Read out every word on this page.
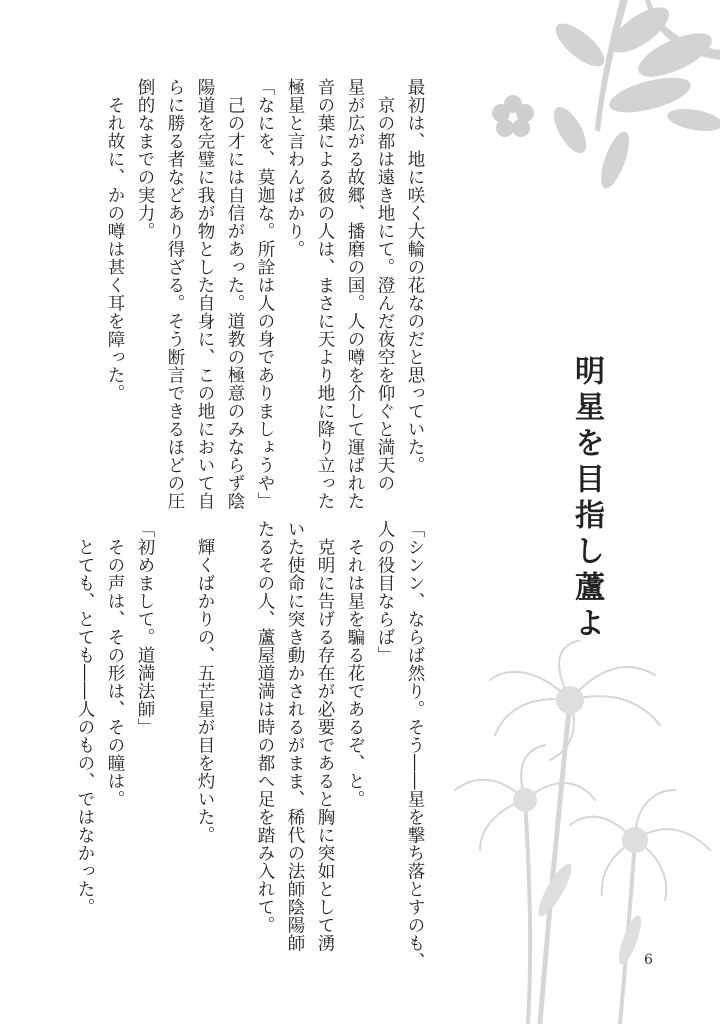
明星を目指し蘆よ

最初は、地に咲く大輪の花なのだと思っていた。

　京の都は遠き地にて。澄んだ夜空を仰ぐと満天の

星が広がる故郷、播磨の国。人の噂を介して運ばれた

音の葉による彼の人は、まさに天より地に降り立った

極星と言わんばかり。

「なにを、莫迦な。所詮は人の身でありましょうや」

　己の才には自信があった。道教の極意のみならず陰

陽道を完璧に我が物とした自身に、この地において自

らに勝る者などあり得ざる。そう断言できるほどの圧

倒的なまでの実力。

　それ故に、かの噂は甚く耳を障った。

「シンン、ならば然り。そう――星を撃ち落とすのも、

人の役目ならば」

　それは星を騙る花であるぞ、と。

　克明に告げる存在が必要であると胸に突如として湧

いた使命に突き動かされるがまま、稀代の法師陰陽師

たるその人、蘆屋道満は時の都へ足を踏み入れて。

　輝くばかりの、五芒星が目を灼いた。

「初めまして。道満法師」

　その声は、その形は、その瞳は。

　とても、とても――人のもの、ではなかった。

6
